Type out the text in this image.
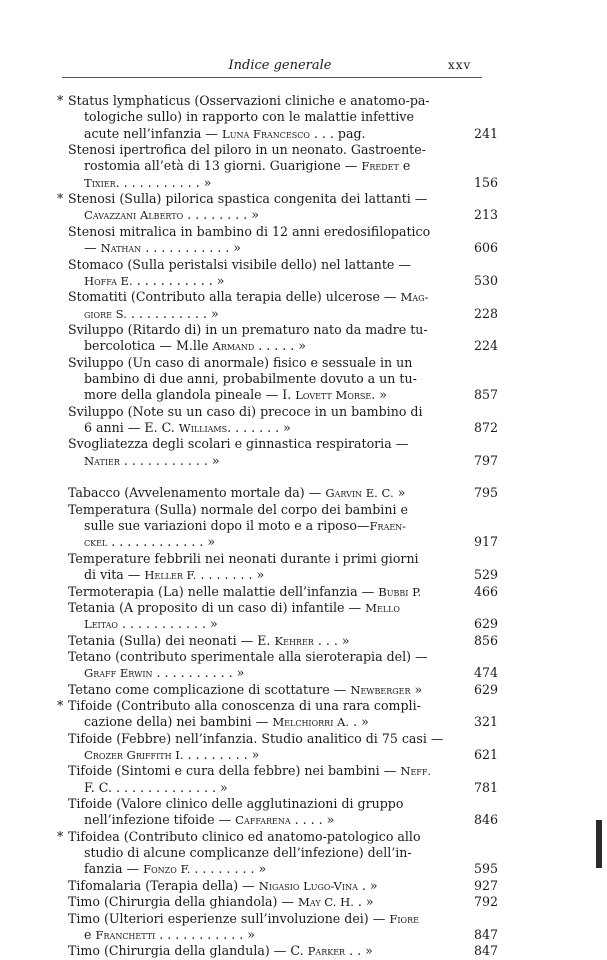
Indice generale	xxv
* Status lymphaticus (Osservazioni cliniche e anatomo-pa-
tologiche sullo) in rapporto con le malattie infettive
acute nell’infanzia — Luna Francesco . . . pag.	241
Stenosi ipertrofica del piloro in un neonato. Gastroente-
rostomia all’età di 13 giorni. Guarigione — Fredet e
Tixier. . . . . . . . . . . »	156
* Stenosi (Sulla) pilorica spastica congenita dei lattanti —
Cavazzani Alberto . . . . . . . . »	213
Stenosi mitralica in bambino di 12 anni eredosifilopatico
— Nathan . . . . . . . . . . . »	606
Stomaco (Sulla peristalsi visibile dello) nel lattante —
Hoffa E. . . . . . . . . . . »	530
Stomatiti (Contributo alla terapia delle) ulcerose — Mag-
giore S. . . . . . . . . . . »	228
Sviluppo (Ritardo di) in un prematuro nato da madre tu-
bercolotica — M.lle Armand . . . . . »	224
Sviluppo (Un caso di anormale) fisico e sessuale in un
bambino di due anni, probabilmente dovuto a un tu-
more della glandola pineale — I. Lovett Morse. »	857
Sviluppo (Note su un caso di) precoce in un bambino di
6 anni — E. C. Williams. . . . . . . »	872
Svogliatezza degli scolari e ginnastica respiratoria —
Natier . . . . . . . . . . . »	797
Tabacco (Avvelenamento mortale da) — Garvin E. C. »	795
Temperatura (Sulla) normale del corpo dei bambini e
sulle sue variazioni dopo il moto e a riposo—Fraen-
ckel . . . . . . . . . . . . »	917
Temperature febbrili nei neonati durante i primi giorni
di vita — Heller F. . . . . . . . »	529
Termoterapia (La) nelle malattie dell’infanzia — Bubbi P.	466
Tetania (A proposito di un caso di) infantile — Mello
Leitao . . . . . . . . . . . »	629
Tetania (Sulla) dei neonati — E. Kehrer . . . »	856
Tetano (contributo sperimentale alla sieroterapia del) —
Graff Erwin . . . . . . . . . . »	474
Tetano come complicazione di scottature — Newberger »	629
* Tifoide (Contributo alla conoscenza di una rara compli-
cazione della) nei bambini — Melchiorri A. . »	321
Tifoide (Febbre) nell’infanzia. Studio analitico di 75 casi —
Crozer Griffith I. . . . . . . . . »	621
Tifoide (Sintomi e cura della febbre) nei bambini — Neff.
F. C. . . . . . . . . . . . . . »	781
Tifoide (Valore clinico delle agglutinazioni di gruppo
nell’infezione tifoide — Caffarena . . . . »	846
* Tifoidea (Contributo clinico ed anatomo-patologico allo
studio di alcune complicanze dell’infezione) dell’in-
fanzia — Fonzo F. . . . . . . . . »	595
Tifomalaria (Terapia della) — Nigasio Lugo-Vina . »	927
Timo (Chirurgia della ghiandola) — May C. H. . »	792
Timo (Ulteriori esperienze sull’involuzione dei) — Fiore
e Franchetti . . . . . . . . . . . »	847
Timo (Chirurgia della glandula) — C. Parker . . »	847
